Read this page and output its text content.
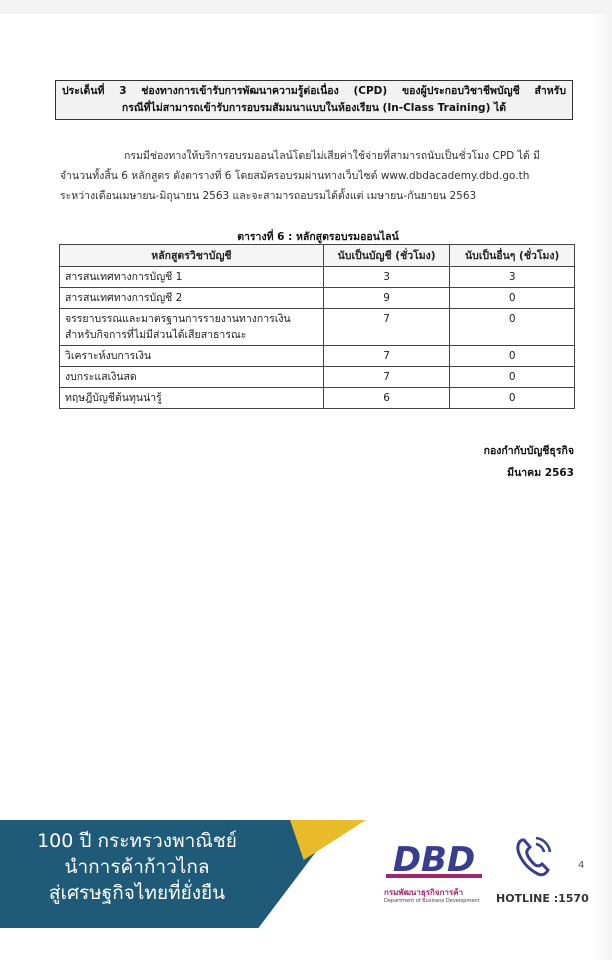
ประเด็นที่ 3 ช่องทางการเข้ารับการพัฒนาความรู้ต่อเนื่อง (CPD) ของผู้ประกอบวิชาชีพบัญชี สำหรับ
กรณีที่ไม่สามารถเข้ารับการอบรมสัมมนาแบบในห้องเรียน (In-Class Training) ได้
กรมมีช่องทางให้บริการอบรมออนไลน์โดยไม่เสียค่าใช้จ่ายที่สามารถนับเป็นชั่วโมง CPD ได้ มี
จำนวนทั้งสิ้น 6 หลักสูตร ดังตารางที่ 6 โดยสมัครอบรมผ่านทางเว็บไซต์ www.dbdacademy.dbd.go.th
ระหว่างเดือนเมษายน-มิถุนายน 2563 และจะสามารถอบรมได้ตั้งแต่ เมษายน-กันยายน 2563
ตารางที่ 6 : หลักสูตรอบรมออนไลน์
หลักสูตรวิชาบัญชี	นับเป็นบัญชี (ชั่วโมง)	นับเป็นอื่นๆ (ชั่วโมง)
สารสนเทศทางการบัญชี 1	3	3
สารสนเทศทางการบัญชี 2	9	0

จรรยาบรรณและมาตรฐานการรายงานทางการเงิน
สำหรับกิจการที่ไม่มีส่วนได้เสียสาธารณะ	7	0
วิเคราะห์งบการเงิน	7	0
งบกระแสเงินสด	7	0
ทฤษฎีบัญชีต้นทุนน่ารู้	6	0
กองกำกับบัญชีธุรกิจ
มีนาคม 2563
100 ปี กระทรวงพาณิชย์
นำการค้าก้าวไกล
สู่เศรษฐกิจไทยที่ยั่งยืน
DBD
กรมพัฒนาธุรกิจการค้า
Department of Business Development HOTLINE :1570
4
